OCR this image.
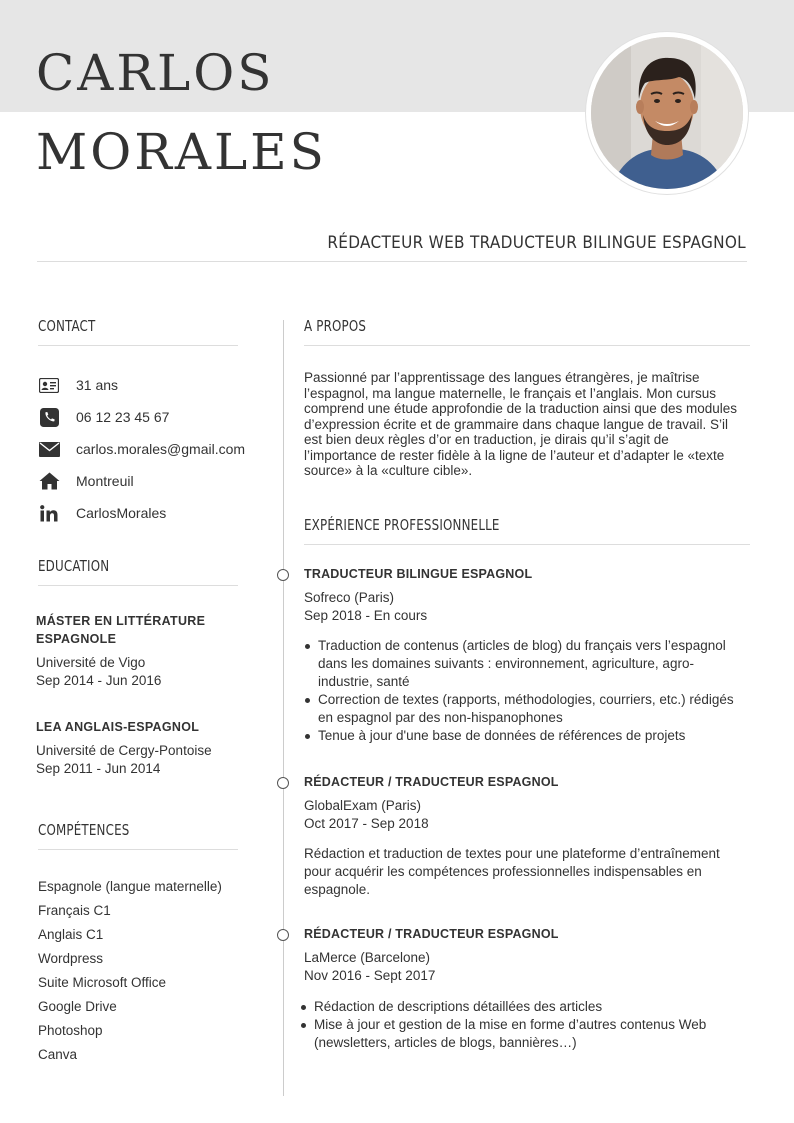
CARLOS
MORALES
RÉDACTEUR WEB TRADUCTEUR BILINGUE ESPAGNOL
CONTACT
31 ans
06 12 23 45 67
carlos.morales@gmail.com
Montreuil
CarlosMorales
EDUCATION
MÁSTER EN LITTÉRATURE
ESPAGNOLE
Université de Vigo
Sep 2014 - Jun 2016
LEA ANGLAIS-ESPAGNOL
Université de Cergy-Pontoise
Sep 2011 - Jun 2014
COMPÉTENCES
Espagnole (langue maternelle)
Français C1
Anglais C1
Wordpress
Suite Microsoft Office
Google Drive
Photoshop
Canva
A PROPOS
Passionné par l’apprentissage des langues étrangères, je maîtrise l’espagnol, ma langue maternelle, le français et l’anglais. Mon cursus comprend une étude approfondie de la traduction ainsi que des modules d’expression écrite et de grammaire dans chaque langue de travail. S’il est bien deux règles d’or en traduction, je dirais qu’il s’agit de l’importance de rester fidèle à la ligne de l’auteur et d’adapter le «texte source» à la «culture cible».
EXPÉRIENCE PROFESSIONNELLE
TRADUCTEUR BILINGUE ESPAGNOL
Sofreco (Paris)
Sep 2018 - En cours
Traduction de contenus (articles de blog) du français vers l’espagnol dans les domaines suivants : environnement, agriculture, agro-industrie, santé
Correction de textes (rapports, méthodologies, courriers, etc.) rédigés en espagnol par des non-hispanophones
Tenue à jour d'une base de données de références de projets
RÉDACTEUR / TRADUCTEUR ESPAGNOL
GlobalExam (Paris)
Oct 2017 - Sep 2018
Rédaction et traduction de textes pour une plateforme d’entraînement pour acquérir les compétences professionnelles indispensables en espagnole.
RÉDACTEUR / TRADUCTEUR ESPAGNOL
LaMerce (Barcelone)
Nov 2016 - Sept 2017
Rédaction de descriptions détaillées des articles
Mise à jour et gestion de la mise en forme d’autres contenus Web (newsletters, articles de blogs, bannières…)
